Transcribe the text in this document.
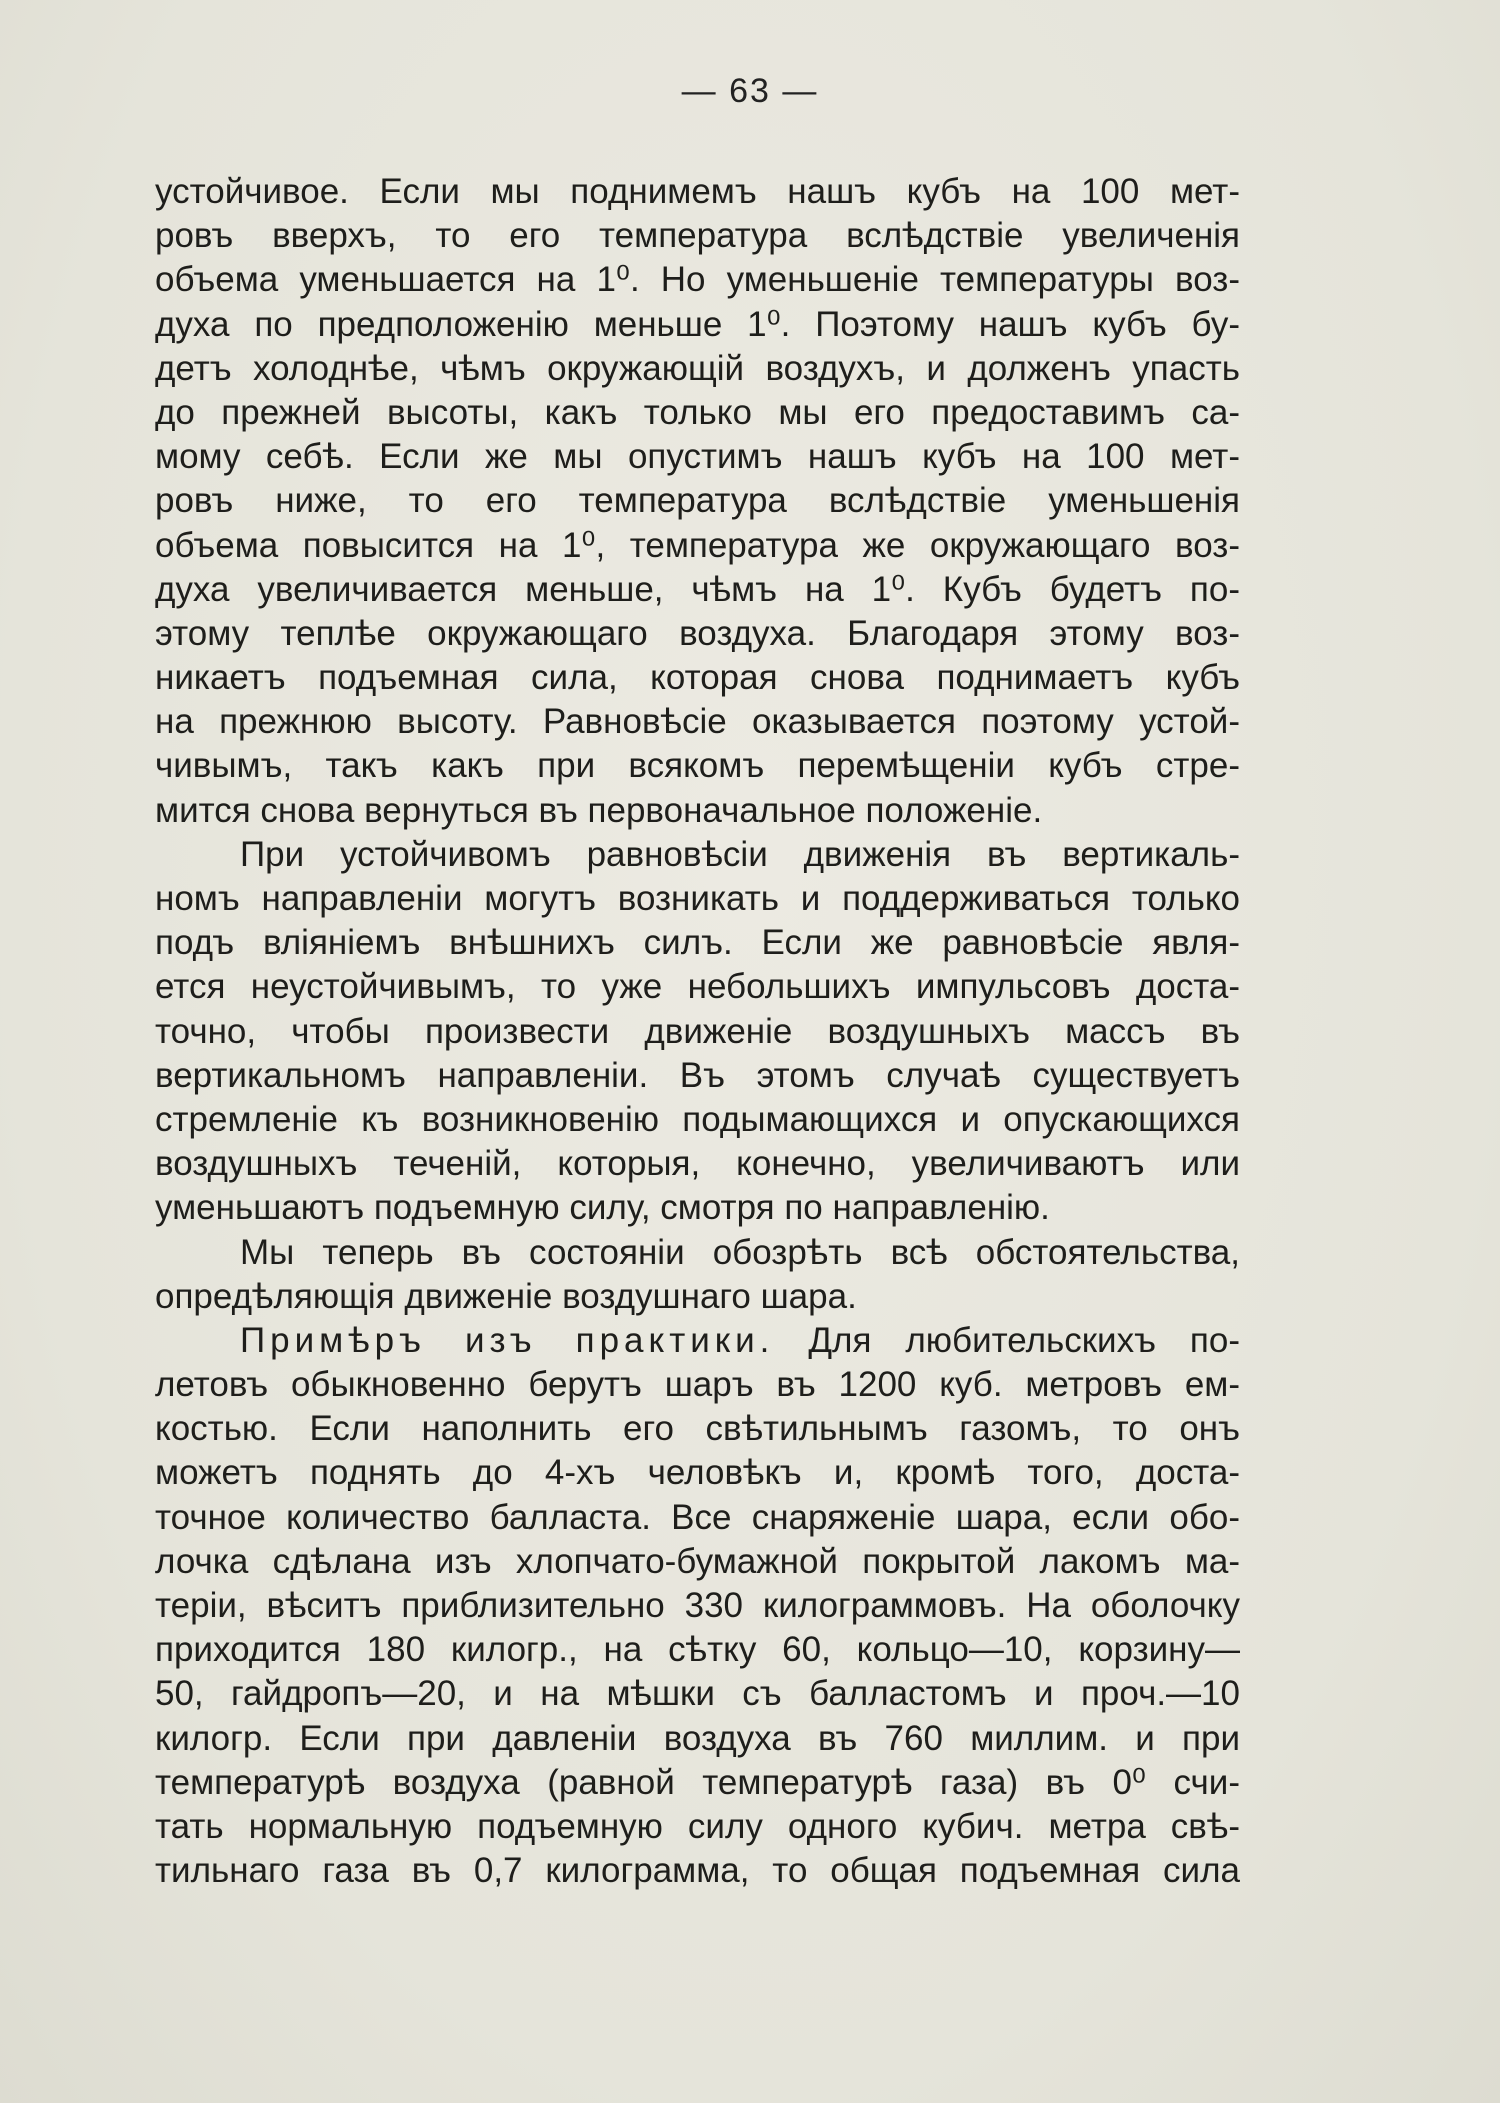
— 63 —
устойчивое. Если мы поднимемъ нашъ кубъ на 100 мет-
ровъ вверхъ, то его температура вслѣдствіе увеличенія
объема уменьшается на 1⁰. Но уменьшеніе температуры воз-
духа по предположенію меньше 1⁰. Поэтому нашъ кубъ бу-
детъ холоднѣе, чѣмъ окружающій воздухъ, и долженъ упасть
до прежней высоты, какъ только мы его предоставимъ са-
мому себѣ. Если же мы опустимъ нашъ кубъ на 100 мет-
ровъ ниже, то его температура вслѣдствіе уменьшенія
объема повысится на 1⁰, температура же окружающаго воз-
духа увеличивается меньше, чѣмъ на 1⁰. Кубъ будетъ по-
этому теплѣе окружающаго воздуха. Благодаря этому воз-
никаетъ подъемная сила, которая снова поднимаетъ кубъ
на прежнюю высоту. Равновѣсіе оказывается поэтому устой-
чивымъ, такъ какъ при всякомъ перемѣщеніи кубъ стре-
мится снова вернуться въ первоначальное положеніе.
При устойчивомъ равновѣсіи движенія въ вертикаль-
номъ направленіи могутъ возникать и поддерживаться только
подъ вліяніемъ внѣшнихъ силъ. Если же равновѣсіе явля-
ется неустойчивымъ, то уже небольшихъ импульсовъ доста-
точно, чтобы произвести движеніе воздушныхъ массъ въ
вертикальномъ направленіи. Въ этомъ случаѣ существуетъ
стремленіе къ возникновенію подымающихся и опускающихся
воздушныхъ теченій, которыя, конечно, увеличиваютъ или
уменьшаютъ подъемную силу, смотря по направленію.
Мы теперь въ состояніи обозрѣть всѣ обстоятельства,
опредѣляющія движеніе воздушнаго шара.
Примѣръ изъ практики. Для любительскихъ по-
летовъ обыкновенно берутъ шаръ въ 1200 куб. метровъ ем-
костью. Если наполнить его свѣтильнымъ газомъ, то онъ
можетъ поднять до 4-хъ человѣкъ и, кромѣ того, доста-
точное количество балласта. Все снаряженіе шара, если обо-
лочка сдѣлана изъ хлопчато-бумажной покрытой лакомъ ма-
теріи, вѣситъ приблизительно 330 килограммовъ. На оболочку
приходится 180 килогр., на сѣтку 60, кольцо—10, корзину—
50, гайдропъ—20, и на мѣшки съ балластомъ и проч.—10
килогр. Если при давленіи воздуха въ 760 миллим. и при
температурѣ воздуха (равной температурѣ газа) въ 0⁰ счи-
тать нормальную подъемную силу одного кубич. метра свѣ-
тильнаго газа въ 0,7 килограмма, то общая подъемная сила
